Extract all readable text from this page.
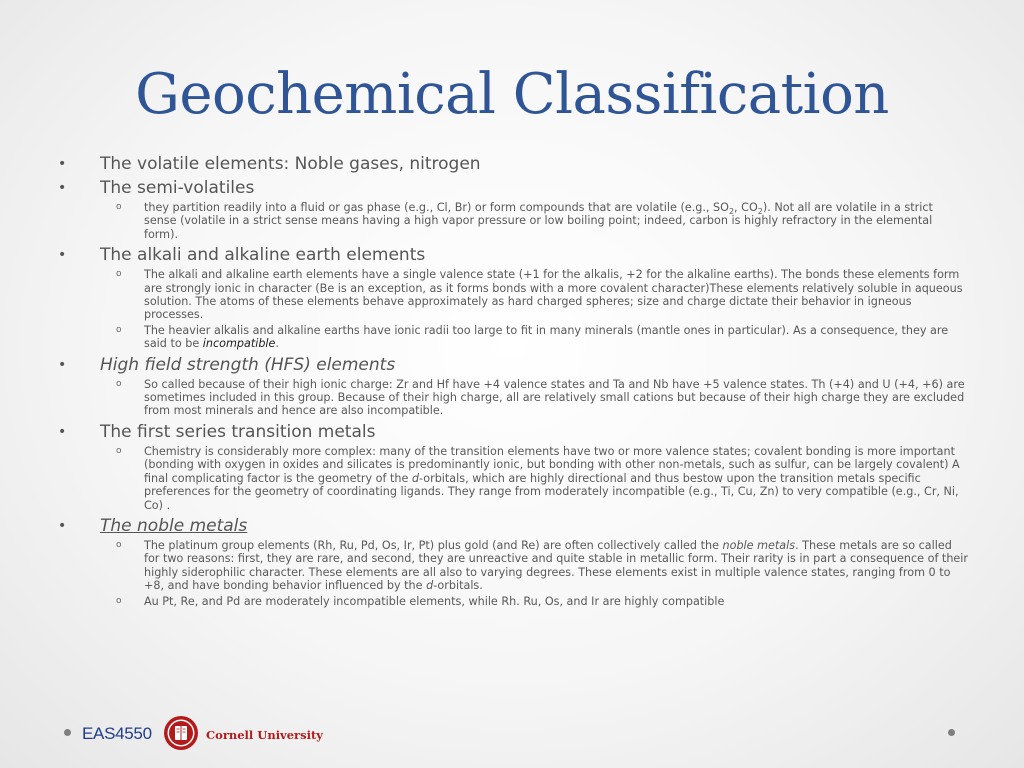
Geochemical Classification
• The volatile elements: Noble gases, nitrogen
• The semi-volatiles
o they partition readily into a fluid or gas phase (e.g., Cl, Br) or form compounds that are volatile (e.g., $SO_2$, $CO_2$). Not all are volatile in a strict sense (volatile in a strict sense means having a high vapor pressure or low boiling point; indeed, carbon is highly refractory in the elemental form).
• The alkali and alkaline earth elements
o The alkali and alkaline earth elements have a single valence state (+1 for the alkalis, +2 for the alkaline earths). The bonds these elements form are strongly ionic in character (Be is an exception, as it forms bonds with a more covalent character)These elements relatively soluble in aqueous solution. The atoms of these elements behave approximately as hard charged spheres; size and charge dictate their behavior in igneous processes.
o The heavier alkalis and alkaline earths have ionic radii too large to fit in many minerals (mantle ones in particular). As a consequence, they are said to be incompatible.
• High field strength (HFS) elements
o So called because of their high ionic charge: Zr and Hf have +4 valence states and Ta and Nb have +5 valence states. Th (+4) and U (+4, +6) are sometimes included in this group. Because of their high charge, all are relatively small cations but because of their high charge they are excluded from most minerals and hence are also incompatible.
• The first series transition metals
o Chemistry is considerably more complex: many of the transition elements have two or more valence states; covalent bonding is more important (bonding with oxygen in oxides and silicates is predominantly ionic, but bonding with other non-metals, such as sulfur, can be largely covalent) A final complicating factor is the geometry of the d-orbitals, which are highly directional and thus bestow upon the transition metals specific preferences for the geometry of coordinating ligands. They range from moderately incompatible (e.g., Ti, Cu, Zn) to very compatible (e.g., Cr, Ni, Co) .
• The noble metals
o The platinum group elements (Rh, Ru, Pd, Os, Ir, Pt) plus gold (and Re) are often collectively called the noble metals. These metals are so called for two reasons: first, they are rare, and second, they are unreactive and quite stable in metallic form. Their rarity is in part a consequence of their highly siderophilic character. These elements are all also to varying degrees. These elements exist in multiple valence states, ranging from 0 to +8, and have bonding behavior influenced by the d-orbitals.
o Au Pt, Re, and Pd are moderately incompatible elements, while Rh. Ru, Os, and Ir are highly compatible
EAS4550	Cornell University
